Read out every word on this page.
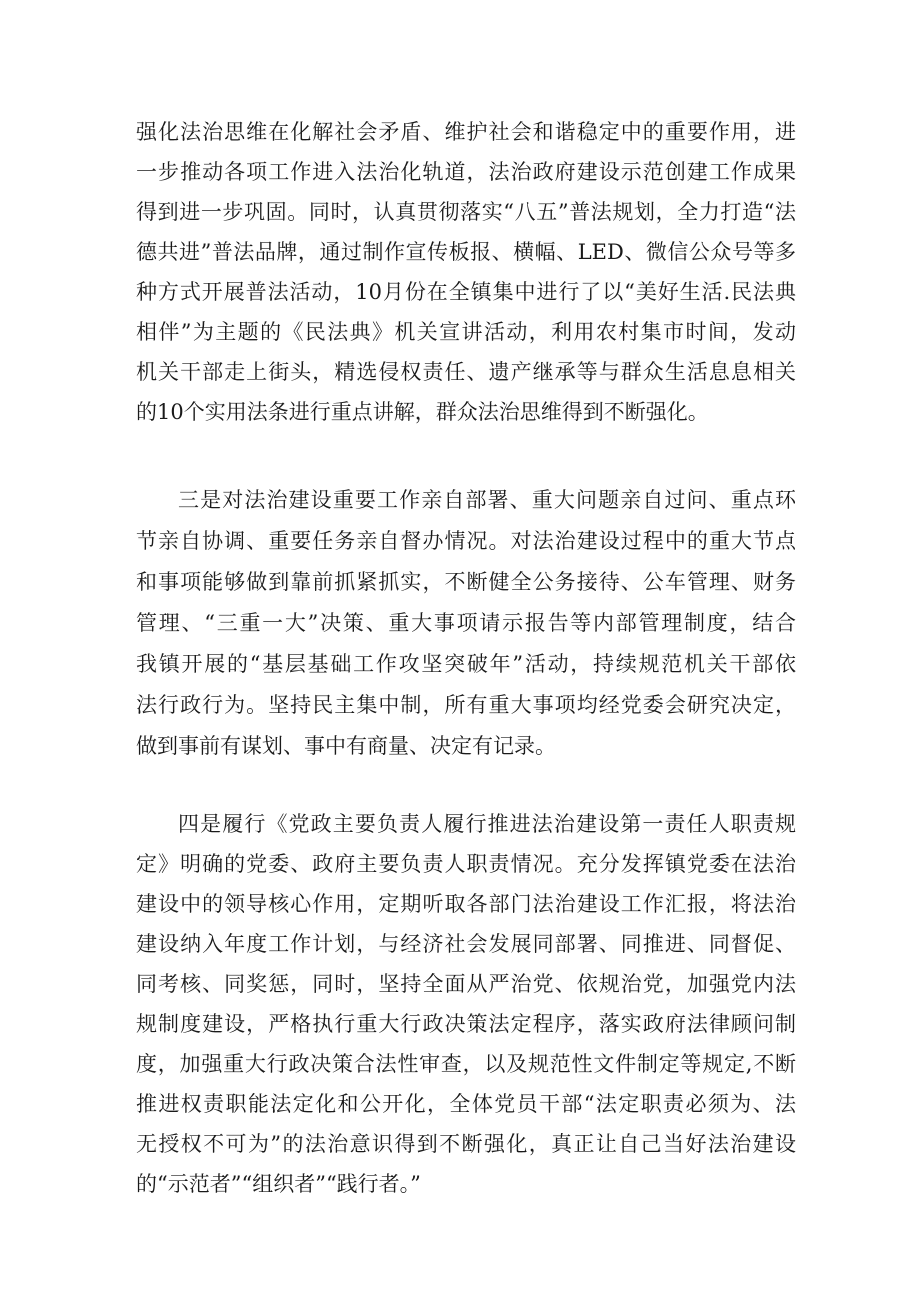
强化法治思维在化解社会矛盾、维护社会和谐稳定中的重要作用，进
一步推动各项工作进入法治化轨道，法治政府建设示范创建工作成果
得到进一步巩固。同时，认真贯彻落实“八五”普法规划，全力打造“法
德共进”普法品牌，通过制作宣传板报、横幅、LED、微信公众号等多
种方式开展普法活动，10月份在全镇集中进行了以“美好生活.民法典
相伴”为主题的《民法典》机关宣讲活动，利用农村集市时间，发动
机关干部走上街头，精选侵权责任、遗产继承等与群众生活息息相关
的10个实用法条进行重点讲解，群众法治思维得到不断强化。
三是对法治建设重要工作亲自部署、重大问题亲自过问、重点环
节亲自协调、重要任务亲自督办情况。对法治建设过程中的重大节点
和事项能够做到靠前抓紧抓实，不断健全公务接待、公车管理、财务
管理、“三重一大”决策、重大事项请示报告等内部管理制度，结合
我镇开展的“基层基础工作攻坚突破年”活动，持续规范机关干部依
法行政行为。坚持民主集中制，所有重大事项均经党委会研究决定，
做到事前有谋划、事中有商量、决定有记录。
四是履行《党政主要负责人履行推进法治建设第一责任人职责规
定》明确的党委、政府主要负责人职责情况。充分发挥镇党委在法治
建设中的领导核心作用，定期听取各部门法治建设工作汇报，将法治
建设纳入年度工作计划，与经济社会发展同部署、同推进、同督促、
同考核、同奖惩，同时，坚持全面从严治党、依规治党，加强党内法
规制度建设，严格执行重大行政决策法定程序，落实政府法律顾问制
度，加强重大行政决策合法性审查，以及规范性文件制定等规定,不断
推进权责职能法定化和公开化，全体党员干部“法定职责必须为、法
无授权不可为”的法治意识得到不断强化，真正让自己当好法治建设
的“示范者”“组织者”“践行者。”
